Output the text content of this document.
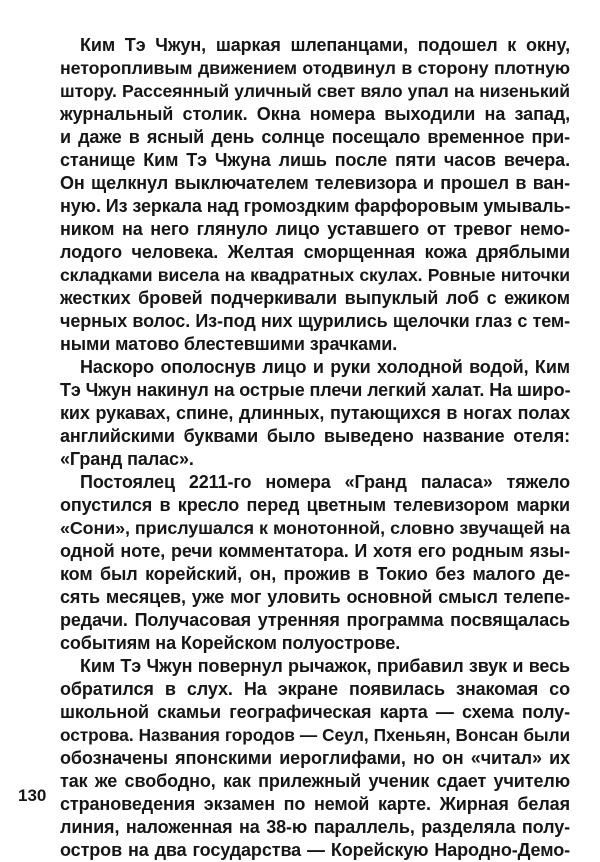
Ким Тэ Чжун, шаркая шлепанцами, подошел к окну,
неторопливым движением отодвинул в сторону плотную
штору. Рассеянный уличный свет вяло упал на низенький
журнальный столик. Окна номера выходили на запад,
и даже в ясный день солнце посещало временное при-
станище Ким Тэ Чжуна лишь после пяти часов вечера.
Он щелкнул выключателем телевизора и прошел в ван-
ную. Из зеркала над громоздким фарфоровым умываль-
ником на него глянуло лицо уставшего от тревог немо-
лодого человека. Желтая сморщенная кожа дряблыми
складками висела на квадратных скулах. Ровные ниточки
жестких бровей подчеркивали выпуклый лоб с ежиком
черных волос. Из-под них щурились щелочки глаз с тем-
ными матово блестевшими зрачками.
Наскоро ополоснув лицо и руки холодной водой, Ким
Тэ Чжун накинул на острые плечи легкий халат. На широ-
ких рукавах, спине, длинных, путающихся в ногах полах
английскими буквами было выведено название отеля:
«Гранд палас».
Постоялец 2211-го номера «Гранд паласа» тяжело
опустился в кресло перед цветным телевизором марки
«Сони», прислушался к монотонной, словно звучащей на
одной ноте, речи комментатора. И хотя его родным язы-
ком был корейский, он, прожив в Токио без малого де-
сять месяцев, уже мог уловить основной смысл телепе-
редачи. Получасовая утренняя программа посвящалась
событиям на Корейском полуострове.
Ким Тэ Чжун повернул рычажок, прибавил звук и весь
обратился в слух. На экране появилась знакомая со
школьной скамьи географическая карта — схема полу-
острова. Названия городов — Сеул, Пхеньян, Вонсан были
обозначены японскими иероглифами, но он «читал» их
так же свободно, как прилежный ученик сдает учителю
страноведения экзамен по немой карте. Жирная белая
линия, наложенная на 38-ю параллель, разделяла полу-
остров на два государства — Корейскую Народно-Демо-
130
